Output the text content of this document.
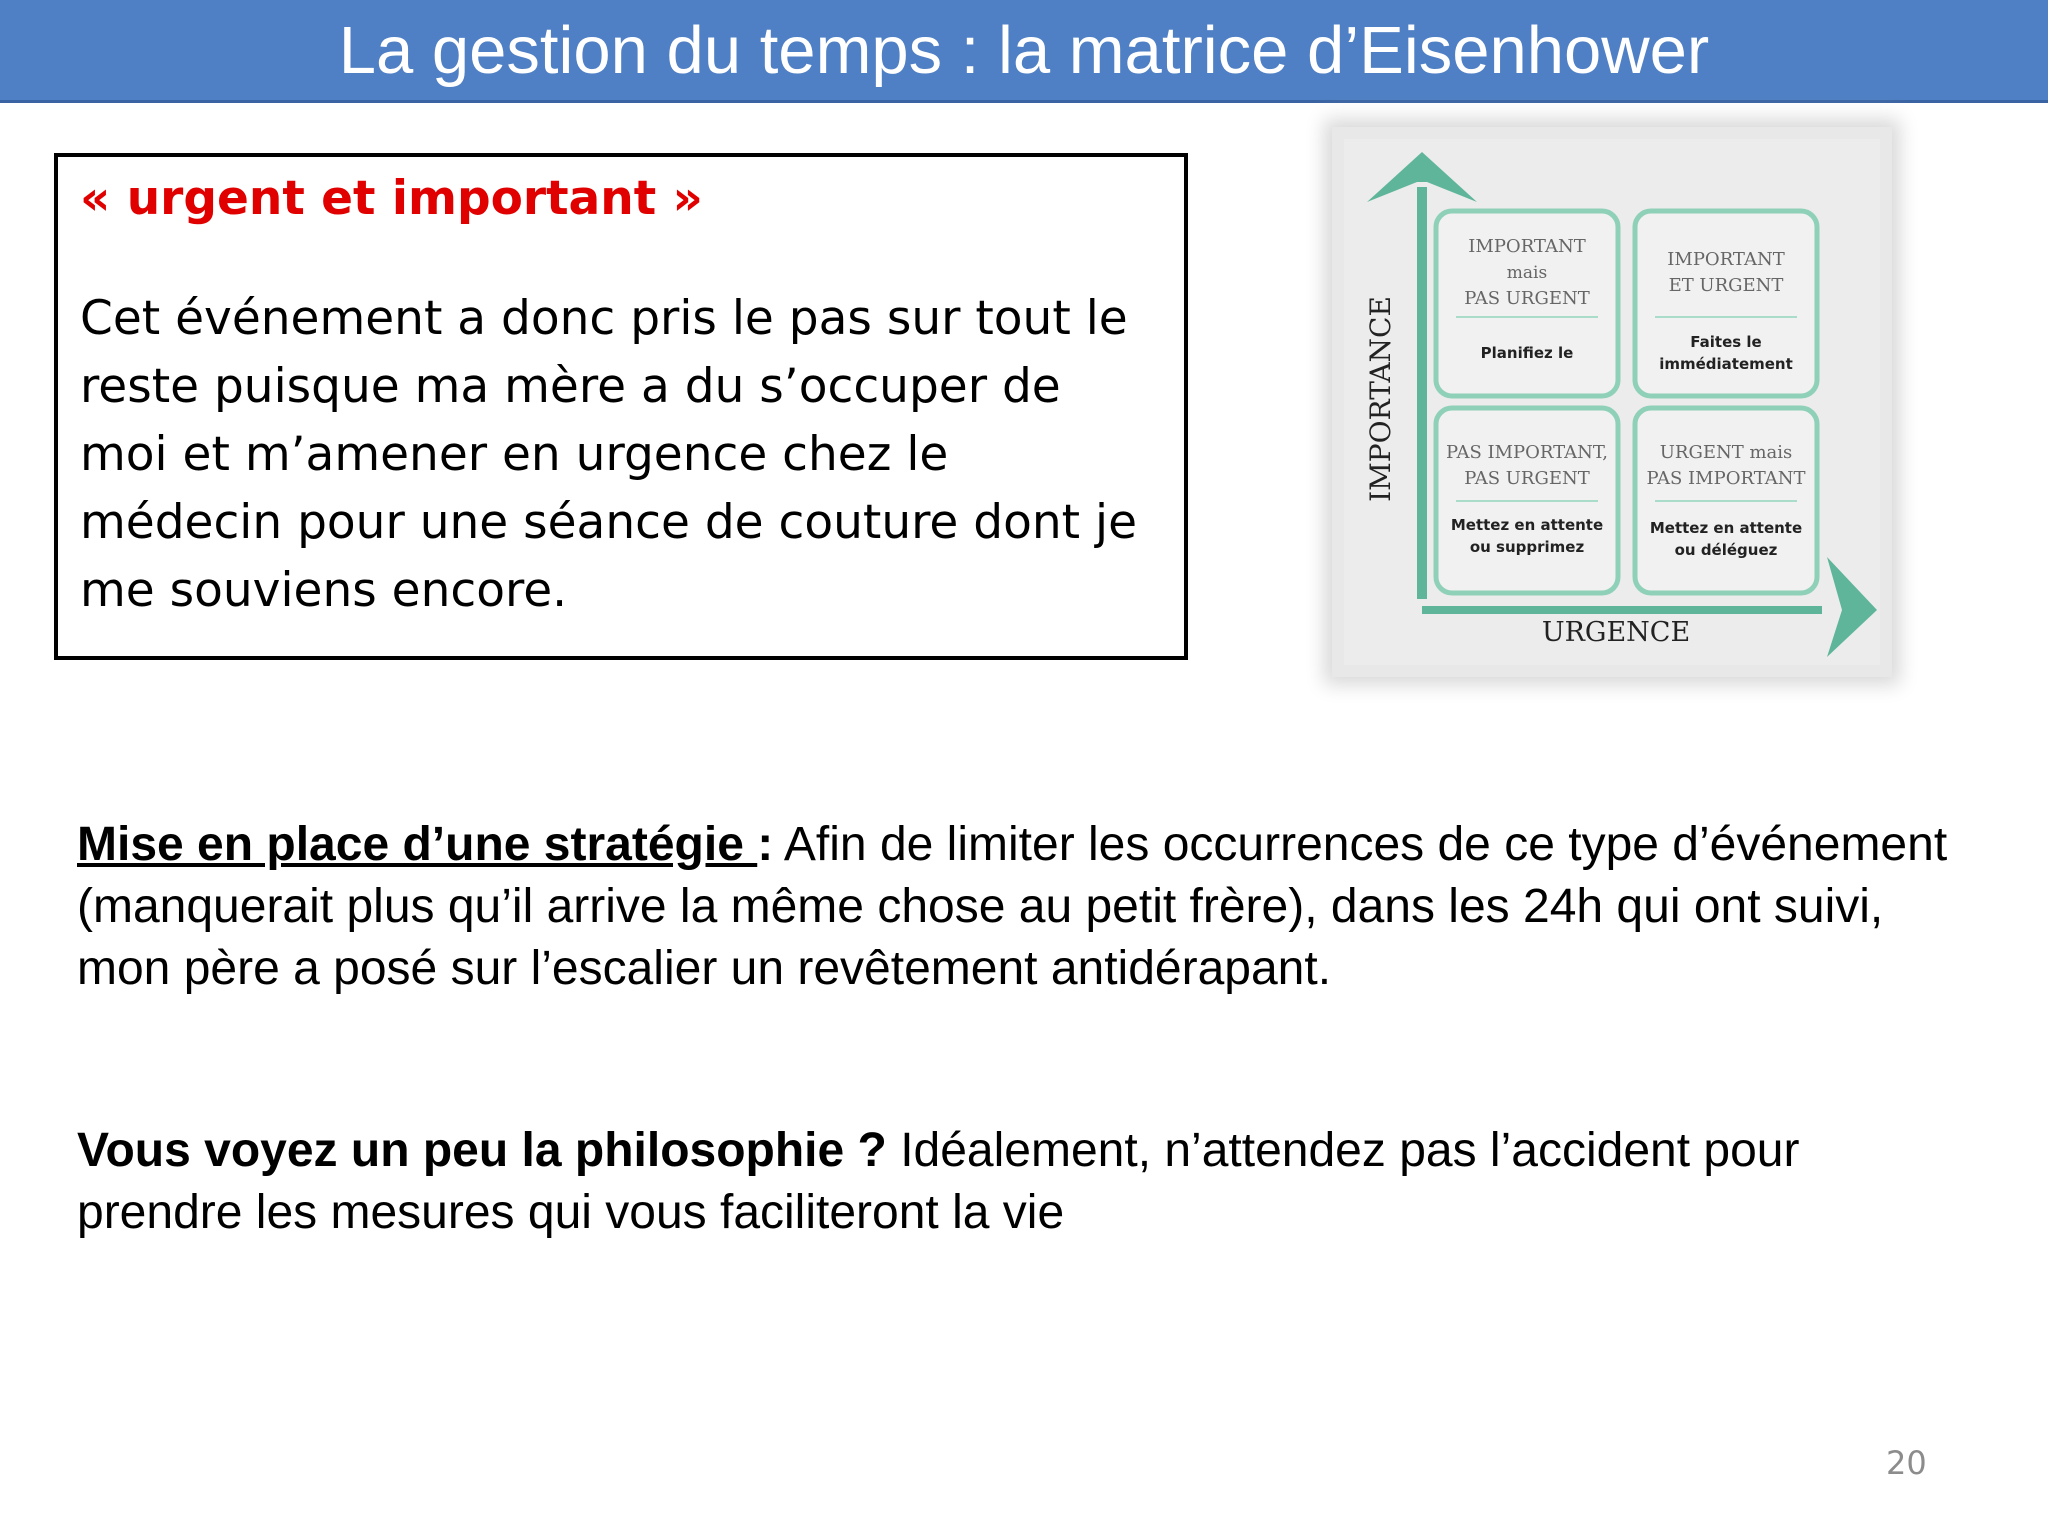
La gestion du temps : la matrice d’Eisenhower

« urgent et important »

Cet événement a donc pris le pas sur tout le reste puisque ma mère a du s’occuper de moi et m’amener en urgence chez le médecin pour une séance de couture dont je me souviens encore.

IMPORTANCE
URGENCE
IMPORTANT
mais
PAS URGENT
Planifiez le
IMPORTANT
ET URGENT
Faites le
immédiatement
PAS IMPORTANT,
PAS URGENT
Mettez en attente
ou supprimez
URGENT mais
PAS IMPORTANT
Mettez en attente
ou déléguez

Mise en place d’une stratégie : Afin de limiter les occurrences de ce type d’événement (manquerait plus qu’il arrive la même chose au petit frère), dans les 24h qui ont suivi, mon père a posé sur l’escalier un revêtement antidérapant.

Vous voyez un peu la philosophie ? Idéalement, n’attendez pas l’accident pour prendre les mesures qui vous faciliteront la vie

20
